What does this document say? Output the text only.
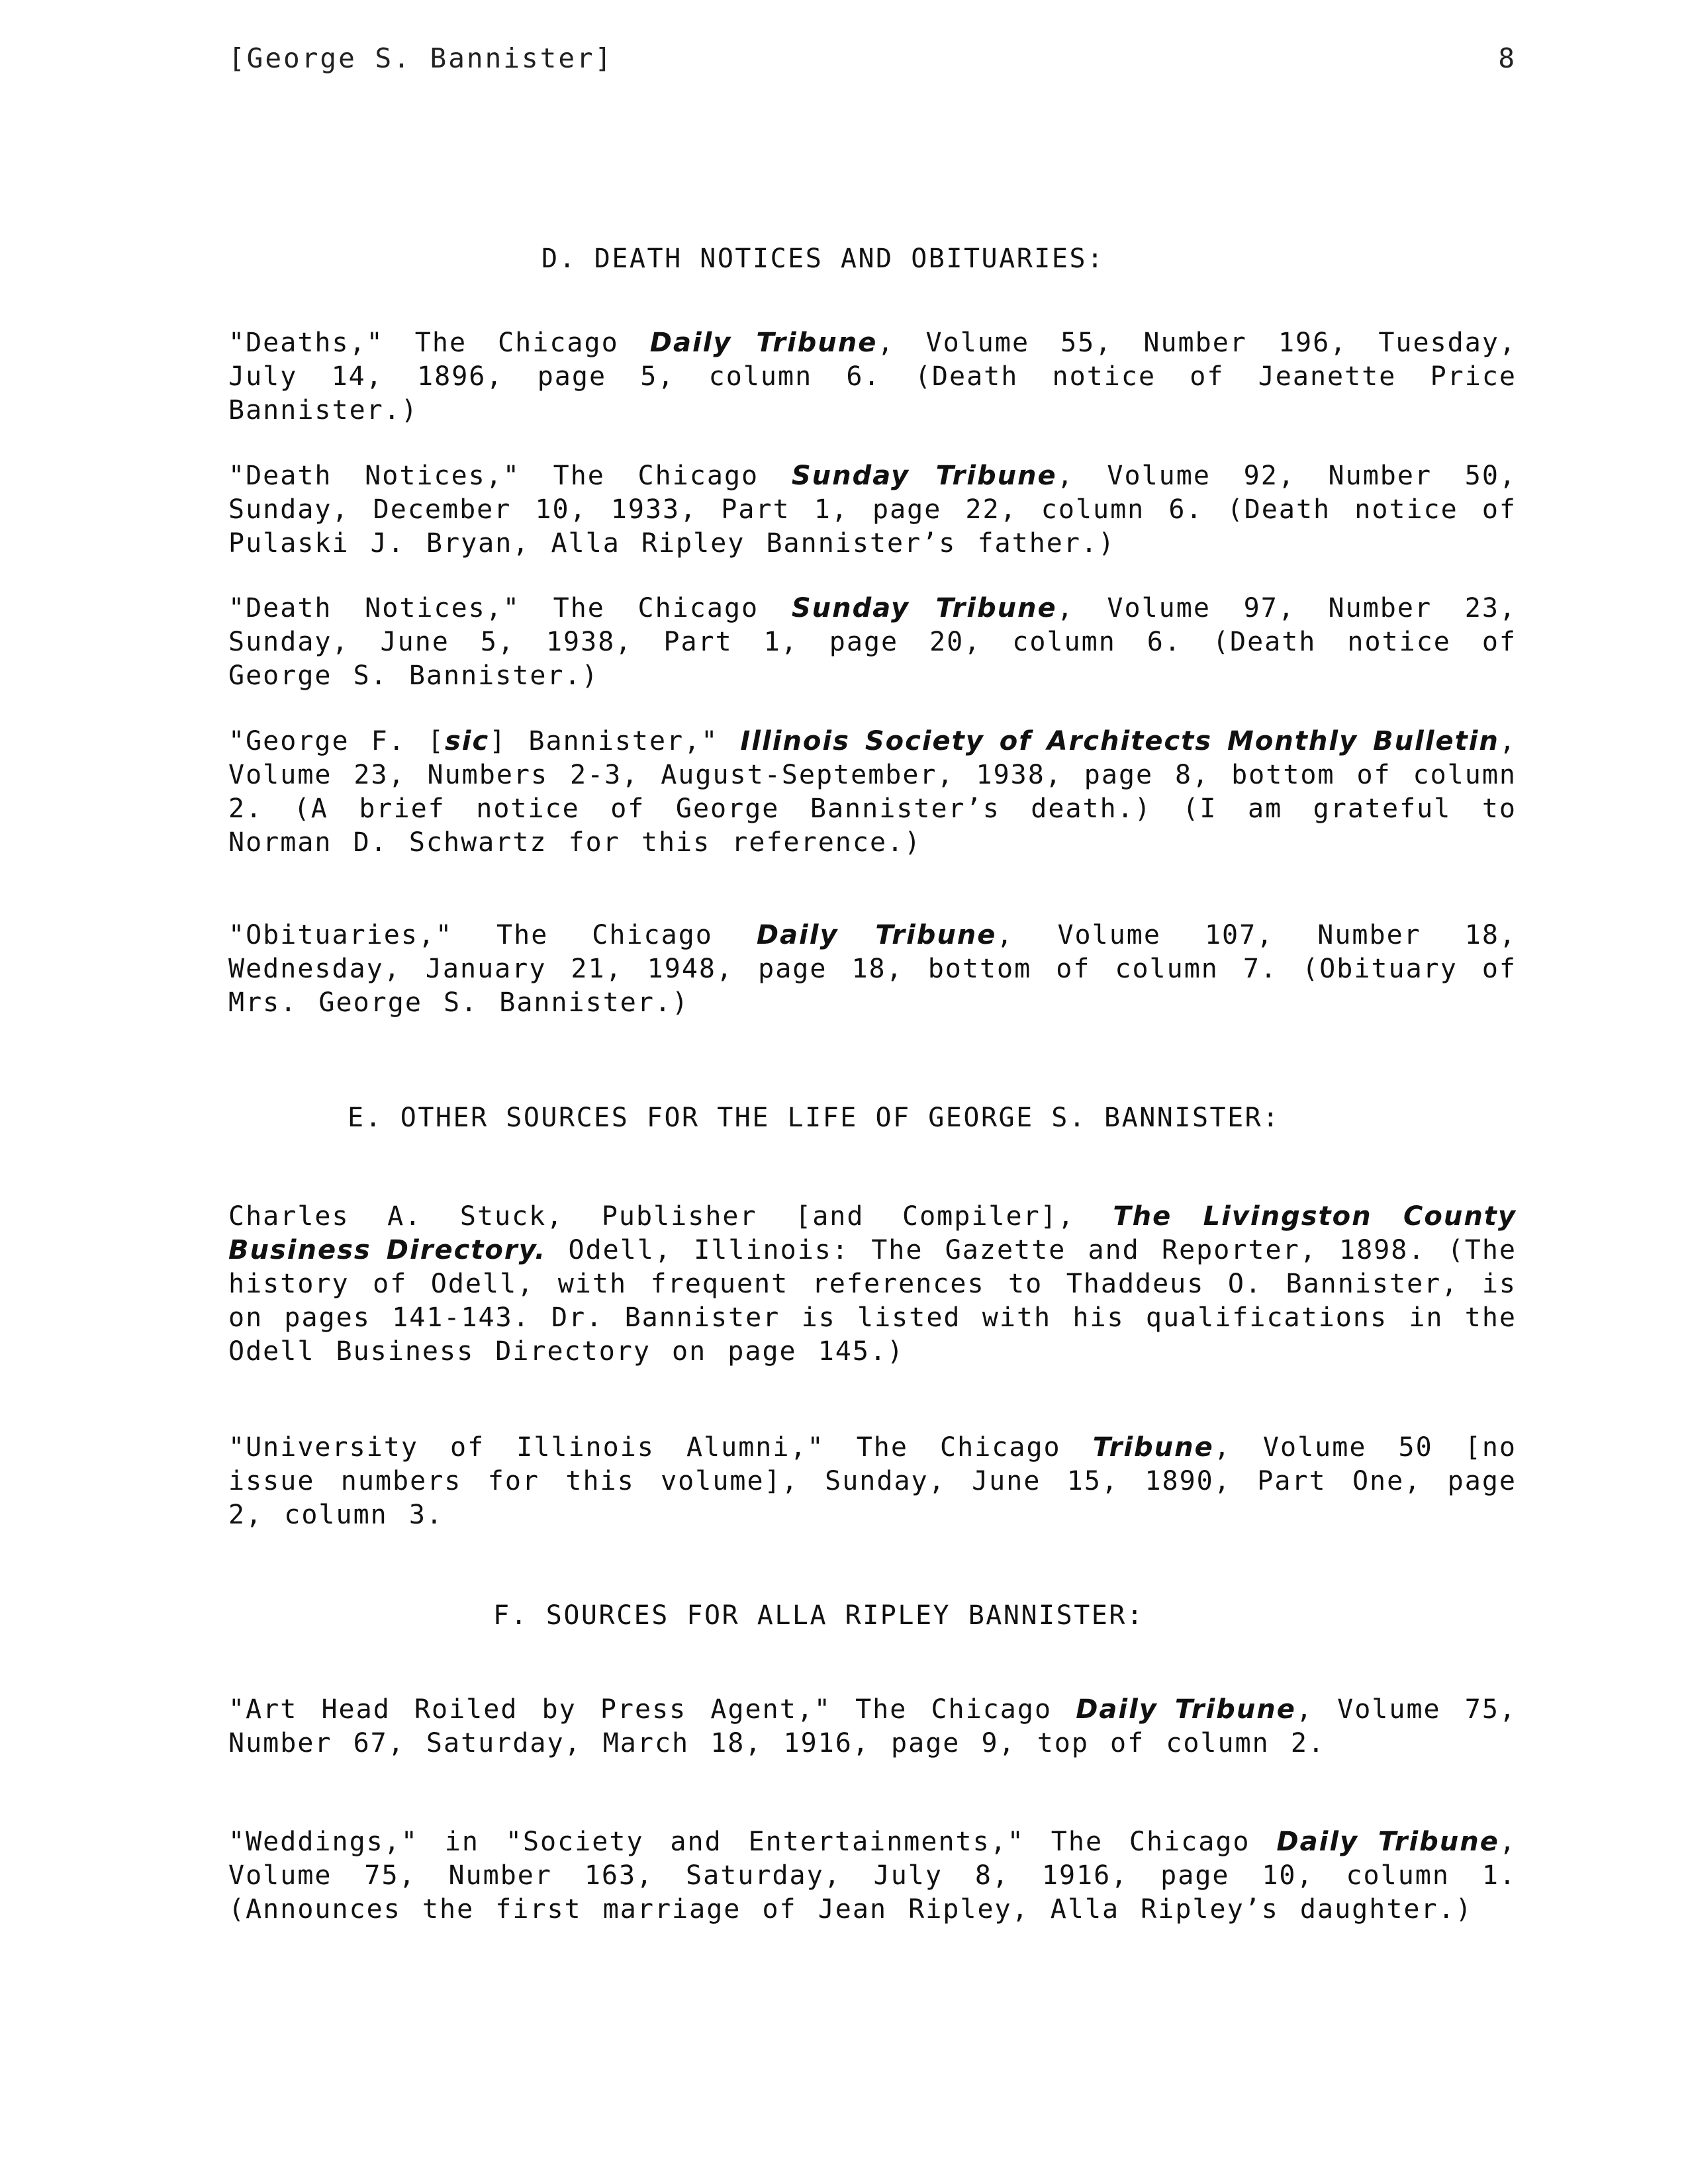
[George S. Bannister]	8
D. DEATH NOTICES AND OBITUARIES:

"Deaths," The Chicago Daily Tribune, Volume 55, Number 196, Tuesday, July 14, 1896, page 5, column 6. (Death notice of Jeanette Price Bannister.)

"Death Notices," The Chicago Sunday Tribune, Volume 92, Number 50, Sunday, December 10, 1933, Part 1, page 22, column 6. (Death notice of Pulaski J. Bryan, Alla Ripley Bannister’s father.)

"Death Notices," The Chicago Sunday Tribune, Volume 97, Number 23, Sunday, June 5, 1938, Part 1, page 20, column 6. (Death notice of George S. Bannister.)

"George F. [sic] Bannister," Illinois Society of Architects Monthly Bulletin, Volume 23, Numbers 2-3, August-September, 1938, page 8, bottom of column 2. (A brief notice of George Bannister’s death.) (I am grateful to Norman D. Schwartz for this reference.)

"Obituaries," The Chicago Daily Tribune, Volume 107, Number 18, Wednesday, January 21, 1948, page 18, bottom of column 7. (Obituary of Mrs. George S. Bannister.)

E. OTHER SOURCES FOR THE LIFE OF GEORGE S. BANNISTER:

Charles A. Stuck, Publisher [and Compiler], The Livingston County Business Directory. Odell, Illinois: The Gazette and Reporter, 1898. (The history of Odell, with frequent references to Thaddeus O. Bannister, is on pages 141-143. Dr. Bannister is listed with his qualifications in the Odell Business Directory on page 145.)

"University of Illinois Alumni," The Chicago Tribune, Volume 50 [no issue numbers for this volume], Sunday, June 15, 1890, Part One, page 2, column 3.

F. SOURCES FOR ALLA RIPLEY BANNISTER:

"Art Head Roiled by Press Agent," The Chicago Daily Tribune, Volume 75, Number 67, Saturday, March 18, 1916, page 9, top of column 2.

"Weddings," in "Society and Entertainments," The Chicago Daily Tribune, Volume 75, Number 163, Saturday, July 8, 1916, page 10, column 1. (Announces the first marriage of Jean Ripley, Alla Ripley’s daughter.)
